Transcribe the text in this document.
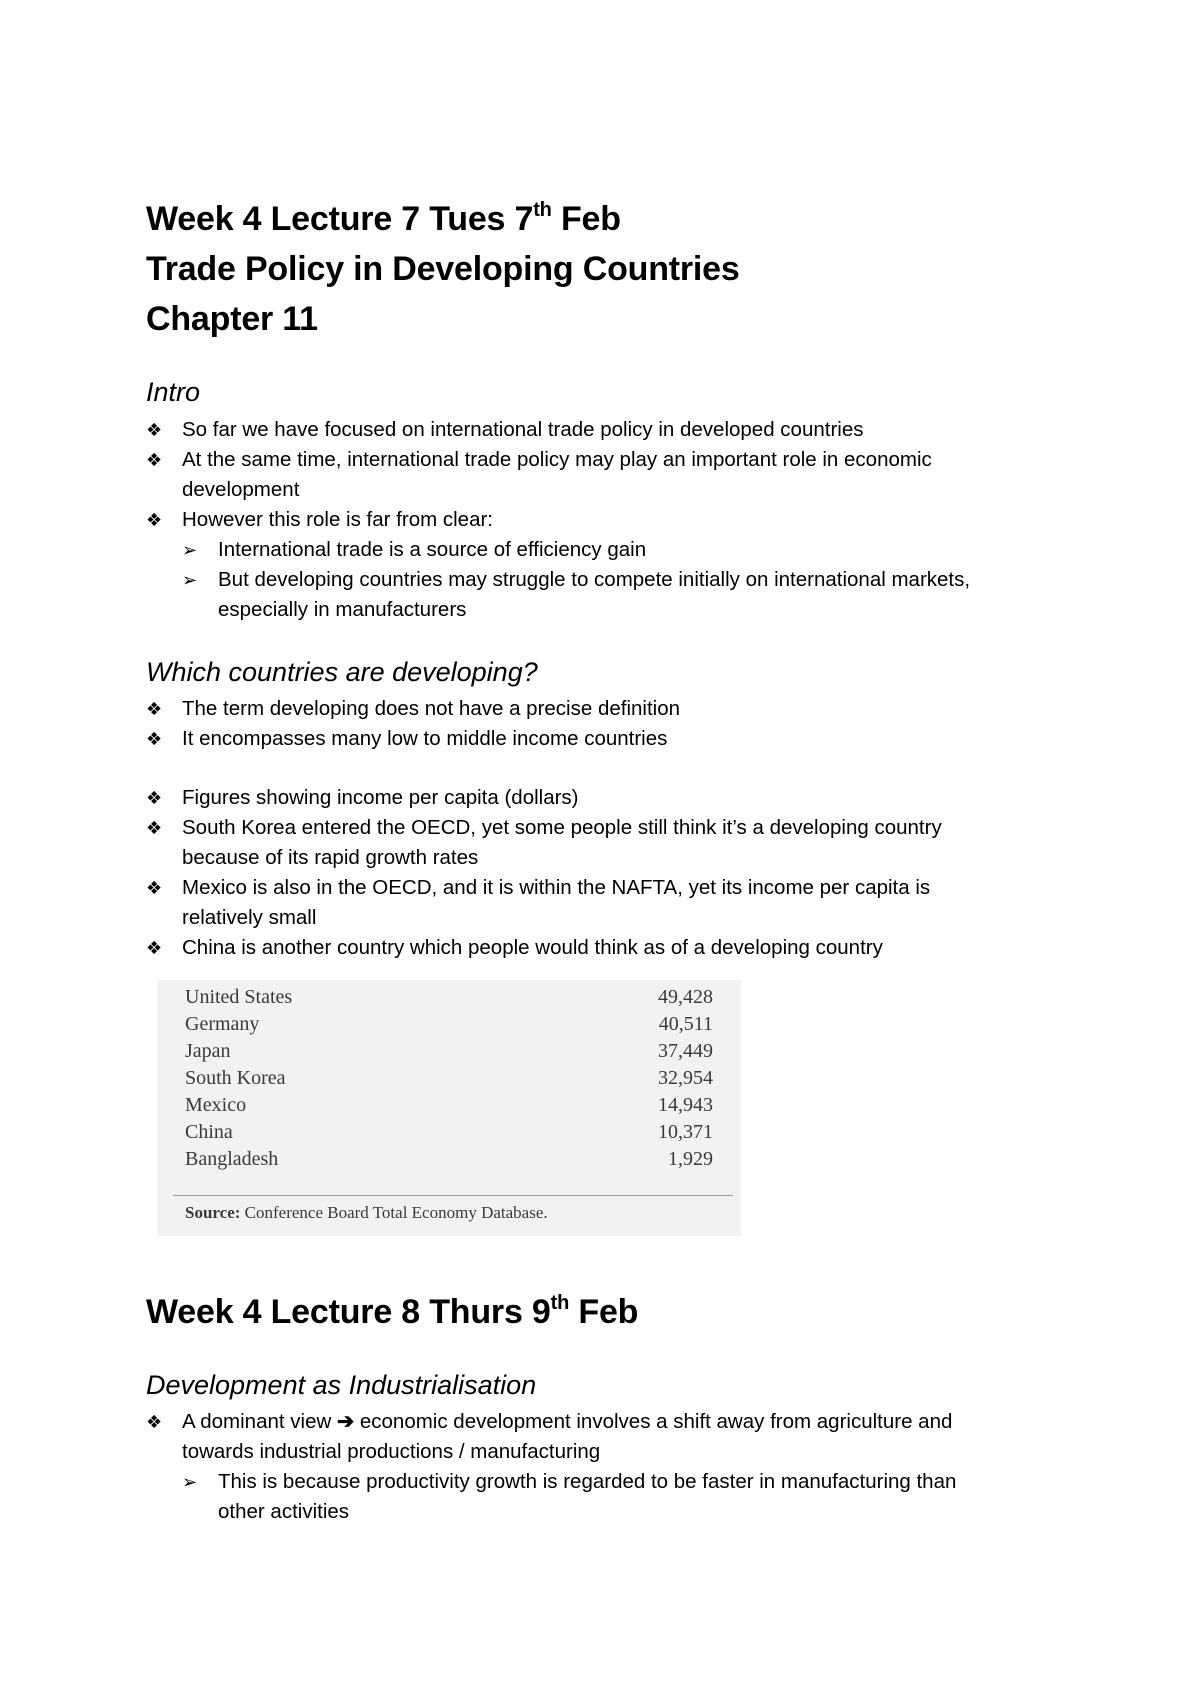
Week 4 Lecture 7 Tues 7th Feb
Trade Policy in Developing Countries
Chapter 11
Intro
❖ So far we have focused on international trade policy in developed countries

❖ At the same time, international trade policy may play an important role in economic

development

❖ However this role is far from clear:

➢ International trade is a source of efficiency gain

➢ But developing countries may struggle to compete initially on international markets,

especially in manufacturers

Which countries are developing?
❖ The term developing does not have a precise definition

❖ It encompasses many low to middle income countries

❖ Figures showing income per capita (dollars)

❖ South Korea entered the OECD, yet some people still think it’s a developing country

because of its rapid growth rates

❖ Mexico is also in the OECD, and it is within the NAFTA, yet its income per capita is

relatively small

❖ China is another country which people would think as of a developing country

United States	49,428
Germany	40,511
Japan	37,449
South Korea	32,954
Mexico	14,943
China	10,371
Bangladesh	1,929
Source: Conference Board Total Economy Database.
Week 4 Lecture 8 Thurs 9th Feb
Development as Industrialisation
❖ A dominant view ➔ economic development involves a shift away from agriculture and

towards industrial productions / manufacturing

➢ This is because productivity growth is regarded to be faster in manufacturing than

other activities
